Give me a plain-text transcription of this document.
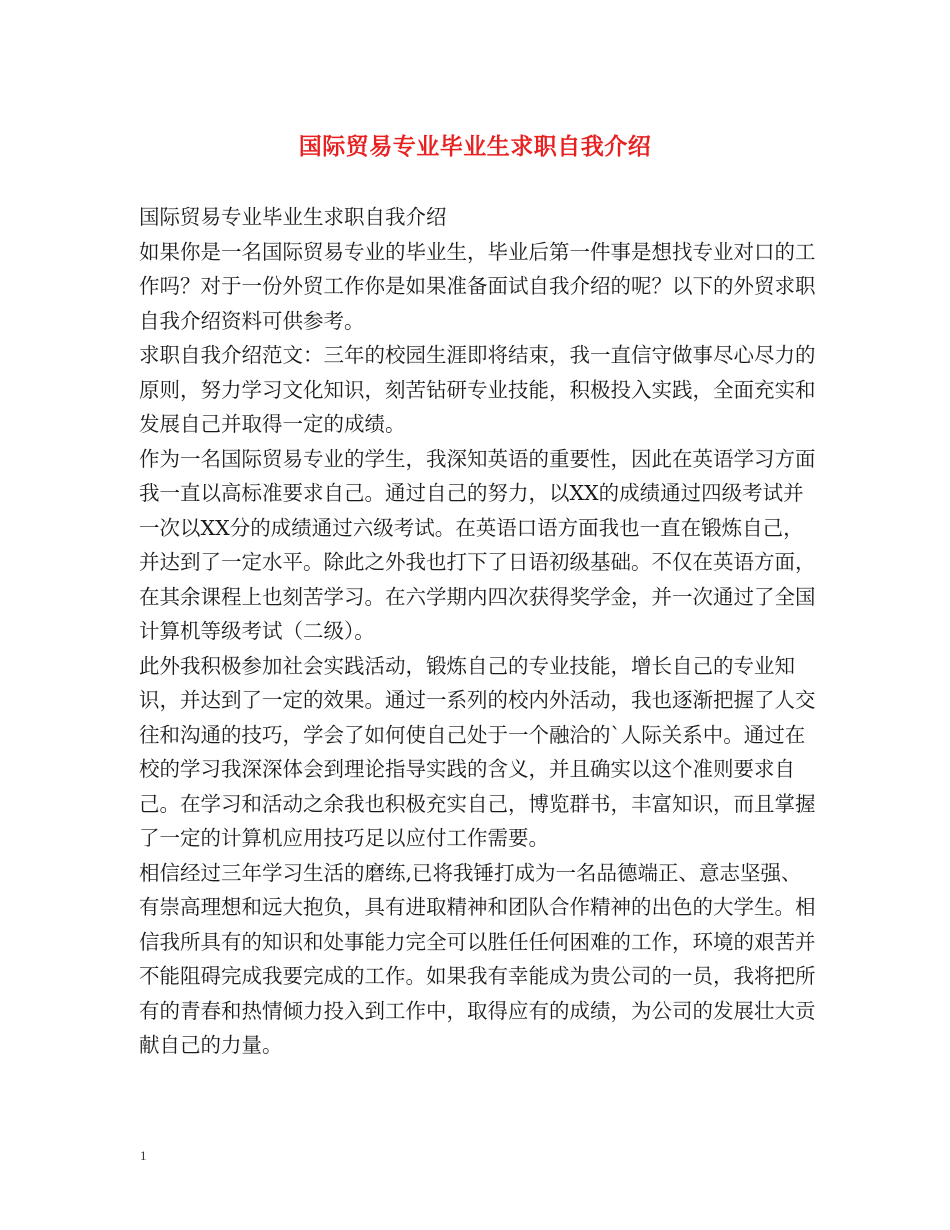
国际贸易专业毕业生求职自我介绍

国际贸易专业毕业生求职自我介绍

如果你是一名国际贸易专业的毕业生，毕业后第一件事是想找专业对口的工作吗？对于一份外贸工作你是如果准备面试自我介绍的呢？以下的外贸求职自我介绍资料可供参考。

求职自我介绍范文：三年的校园生涯即将结束，我一直信守做事尽心尽力的原则，努力学习文化知识，刻苦钻研专业技能，积极投入实践，全面充实和发展自己并取得一定的成绩。

作为一名国际贸易专业的学生，我深知英语的重要性，因此在英语学习方面我一直以高标准要求自己。通过自己的努力，以XX的成绩通过四级考试并一次以XX分的成绩通过六级考试。在英语口语方面我也一直在锻炼自己，并达到了一定水平。除此之外我也打下了日语初级基础。不仅在英语方面，在其余课程上也刻苦学习。在六学期内四次获得奖学金，并一次通过了全国计算机等级考试（二级）。

此外我积极参加社会实践活动，锻炼自己的专业技能，增长自己的专业知识，并达到了一定的效果。通过一系列的校内外活动，我也逐渐把握了人交往和沟通的技巧，学会了如何使自己处于一个融洽的`人际关系中。通过在校的学习我深深体会到理论指导实践的含义，并且确实以这个准则要求自己。在学习和活动之余我也积极充实自己，博览群书，丰富知识，而且掌握了一定的计算机应用技巧足以应付工作需要。

相信经过三年学习生活的磨练,已将我锤打成为一名品德端正、意志坚强、有崇高理想和远大抱负，具有进取精神和团队合作精神的出色的大学生。相信我所具有的知识和处事能力完全可以胜任任何困难的工作，环境的艰苦并不能阻碍完成我要完成的工作。如果我有幸能成为贵公司的一员，我将把所有的青春和热情倾力投入到工作中，取得应有的成绩，为公司的发展壮大贡献自己的力量。

1
